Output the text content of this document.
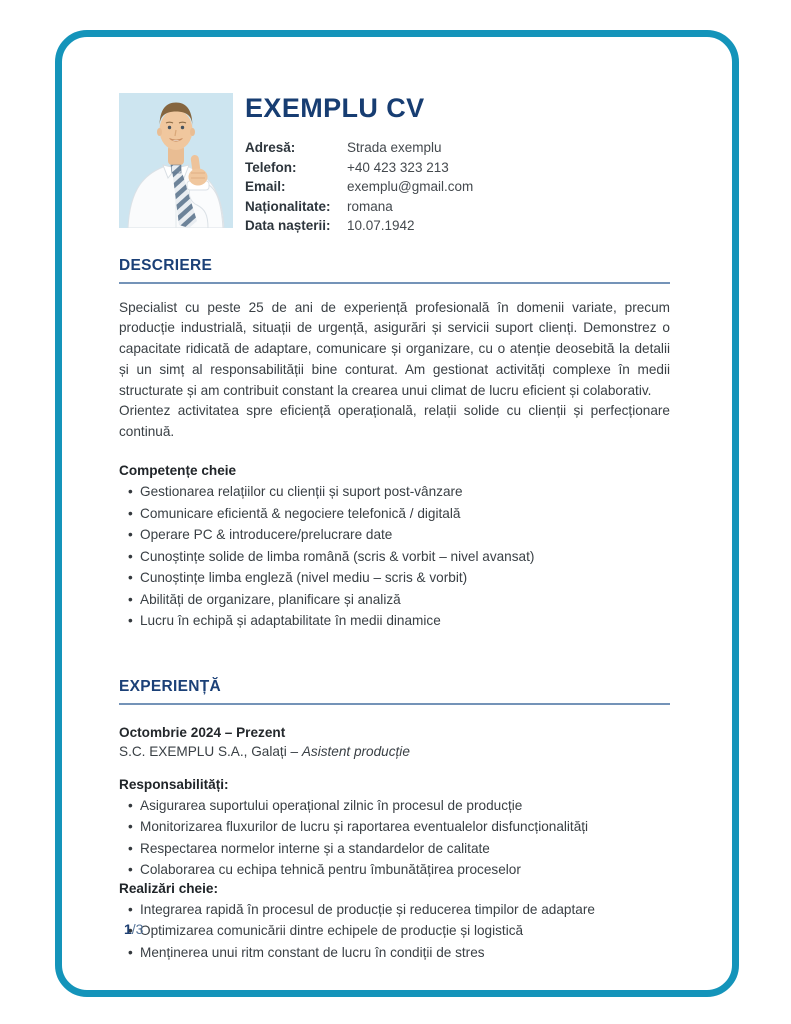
EXEMPLU CV
Adresă:	Strada exemplu
Telefon:	+40 423 323 213
Email:	exemplu@gmail.com
Naționalitate:	romana
Data nașterii:	10.07.1942
DESCRIERE

Specialist cu peste 25 de ani de experiență profesională în domenii variate, precum producție industrială, situații de urgență, asigurări și servicii suport clienți. Demonstrez o capacitate ridicată de adaptare, comunicare și organizare, cu o atenție deosebită la detalii și un simț al responsabilității bine conturat. Am gestionat activități complexe în medii structurate și am contribuit constant la crearea unui climat de lucru eficient și colaborativ.

Orientez activitatea spre eficiență operațională, relații solide cu clienții și perfecționare continuă.

Competențe cheie
• Gestionarea relațiilor cu clienții și suport post-vânzare
• Comunicare eficientă & negociere telefonică / digitală
• Operare PC & introducere/prelucrare date
• Cunoștințe solide de limba română (scris & vorbit – nivel avansat)
• Cunoștințe limba engleză (nivel mediu – scris & vorbit)
• Abilități de organizare, planificare și analiză
• Lucru în echipă și adaptabilitate în medii dinamice
EXPERIENȚĂ
Octombrie 2024 – Prezent
S.C. EXEMPLU S.A., Galați – Asistent producție
Responsabilități:
• Asigurarea suportului operațional zilnic în procesul de producție
• Monitorizarea fluxurilor de lucru și raportarea eventualelor disfuncționalități
• Respectarea normelor interne și a standardelor de calitate
• Colaborarea cu echipa tehnică pentru îmbunătățirea proceselor
Realizări cheie:
• Integrarea rapidă în procesul de producție și reducerea timpilor de adaptare
• Optimizarea comunicării dintre echipele de producție și logistică
• Menținerea unui ritm constant de lucru în condiții de stres
1/3
